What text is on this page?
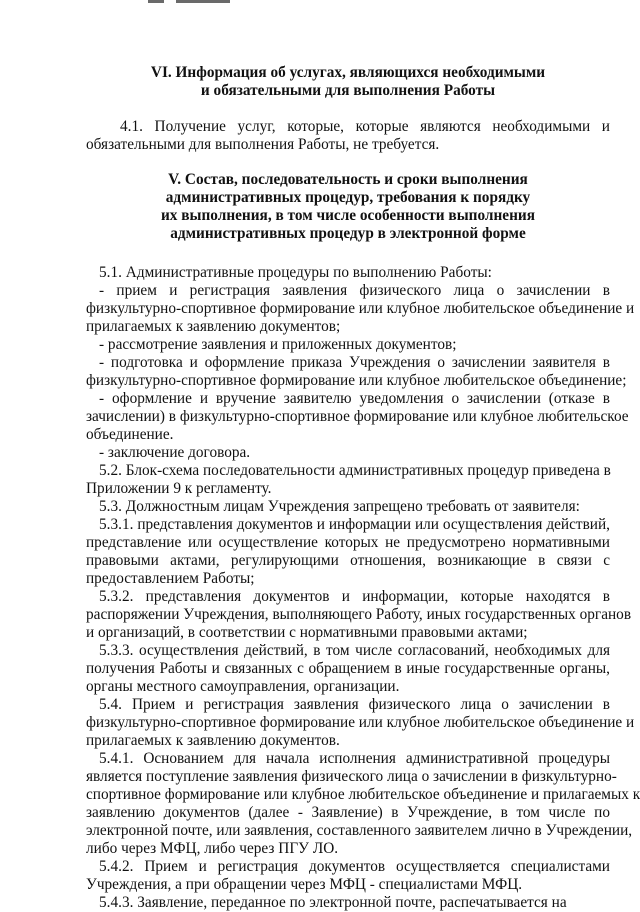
VI. Информация об услугах, являющихся необходимыми
и обязательными для выполнения Работы
4.1. Получение услуг, которые, которые являются необходимыми и
обязательными для выполнения Работы, не требуется.
V. Состав, последовательность и сроки выполнения
административных процедур, требования к порядку
их выполнения, в том числе особенности выполнения
административных процедур в электронной форме
5.1. Административные процедуры по выполнению Работы:
- прием и регистрация заявления физического лица о зачислении в
физкультурно-спортивное формирование или клубное любительское объединение и
прилагаемых к заявлению документов;
- рассмотрение заявления и приложенных документов;
- подготовка и оформление приказа Учреждения о зачислении заявителя в
физкультурно-спортивное формирование или клубное любительское объединение;
- оформление и вручение заявителю уведомления о зачислении (отказе в
зачислении) в физкультурно-спортивное формирование или клубное любительское
объединение.
- заключение договора.
5.2. Блок-схема последовательности административных процедур приведена в
Приложении 9 к регламенту.
5.3. Должностным лицам Учреждения запрещено требовать от заявителя:
5.3.1. представления документов и информации или осуществления действий,
представление или осуществление которых не предусмотрено нормативными
правовыми актами, регулирующими отношения, возникающие в связи с
предоставлением Работы;
5.3.2. представления документов и информации, которые находятся в
распоряжении Учреждения, выполняющего Работу, иных государственных органов
и организаций, в соответствии с нормативными правовыми актами;
5.3.3. осуществления действий, в том числе согласований, необходимых для
получения Работы и связанных с обращением в иные государственные органы,
органы местного самоуправления, организации.
5.4. Прием и регистрация заявления физического лица о зачислении в
физкультурно-спортивное формирование или клубное любительское объединение и
прилагаемых к заявлению документов.
5.4.1. Основанием для начала исполнения административной процедуры
является поступление заявления физического лица о зачислении в физкультурно-
спортивное формирование или клубное любительское объединение и прилагаемых к
заявлению документов (далее - Заявление) в Учреждение, в том числе по
электронной почте, или заявления, составленного заявителем лично в Учреждении,
либо через МФЦ, либо через ПГУ ЛО.
5.4.2. Прием и регистрация документов осуществляется специалистами
Учреждения, а при обращении через МФЦ - специалистами МФЦ.
5.4.3. Заявление, переданное по электронной почте, распечатывается на
